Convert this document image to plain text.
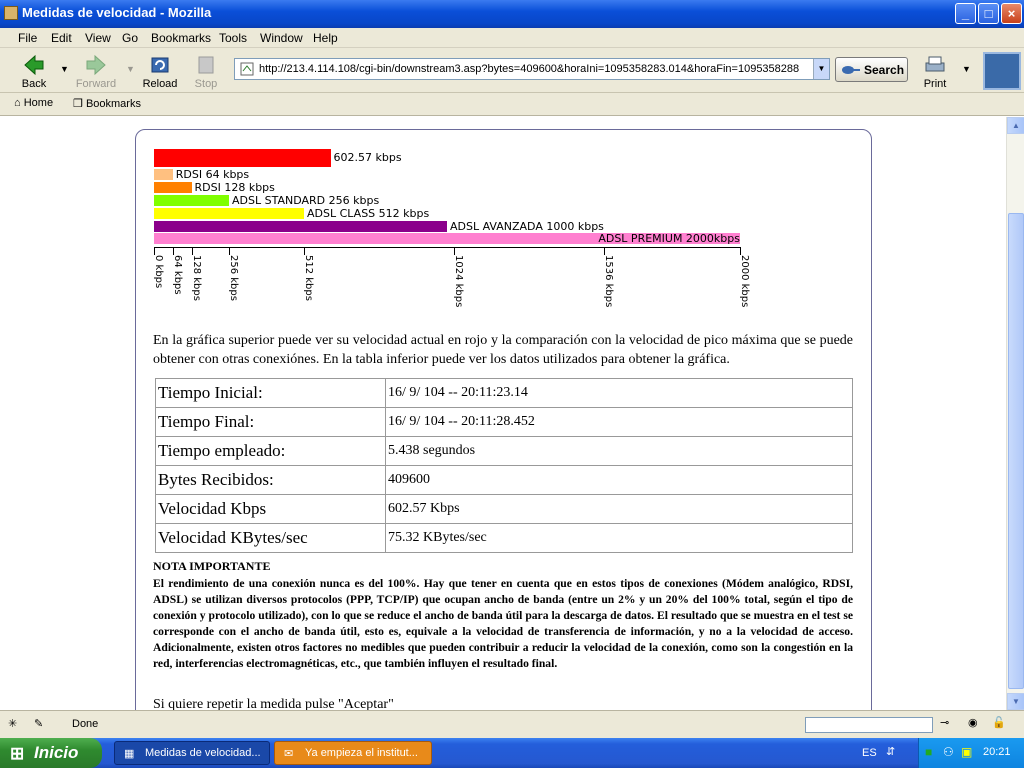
Medidas de velocidad - Mozilla	_	□	×
File Edit View Go Bookmarks Tools Window Help
Back
▼
Forward
▼
Reload	Stop
http://213.4.114.108/cgi-bin/downstream3.asp?bytes=409600&horaIni=1095358283.014&horaFin=1095358288	▼	Search
Print
▼
⌂ Home ❒ Bookmarks
602.57 kbps
RDSI 64 kbps
RDSI 128 kbps
ADSL STANDARD 256 kbps
ADSL CLASS 512 kbps
ADSL AVANZADA 1000 kbps
ADSL PREMIUM 2000kbps
0 kbps 64 kbps 128 kbps	256 kbps	512 kbps	1024 kbps	1536 kbps	2000 kbps
En la gráfica superior puede ver su velocidad actual en rojo y la comparación con la velocidad de pico máxima que se puede obtener con otras conexiónes. En la tabla inferior puede ver los datos utilizados para obtener la gráfica.
Tiempo Inicial:	16/ 9/ 104 -- 20:11:23.14
Tiempo Final:	16/ 9/ 104 -- 20:11:28.452
Tiempo empleado:	5.438 segundos
Bytes Recibidos:	409600
Velocidad Kbps	602.57 Kbps
Velocidad KBytes/sec	75.32 KBytes/sec
NOTA IMPORTANTE
El rendimiento de una conexión nunca es del 100%. Hay que tener en cuenta que en estos tipos de conexiones (Módem analógico, RDSI, ADSL) se utilizan diversos protocolos (PPP, TCP/IP) que ocupan ancho de banda (entre un 2% y un 20% del 100% total, según el tipo de conexión y protocolo utilizado), con lo que se reduce el ancho de banda útil para la descarga de datos. El resultado que se muestra en el test se corresponde con el ancho de banda útil, esto es, equivale a la velocidad de transferencia de información, y no a la velocidad de acceso. Adicionalmente, existen otros factores no medibles que pueden contribuir a reducir la velocidad de la conexión, como son la congestión en la red, interferencias electromagnéticas, etc., que también influyen el resultado final.
Si quiere repetir la medida pulse "Aceptar"
▲
▼
✳ ✎	Done	⊸ ◉ 🔓
⊞ Inicio	▦ Medidas de velocidad...	✉ Ya empieza el institut...	ES ⇵ ■ ⚇ ▣ 20:21
